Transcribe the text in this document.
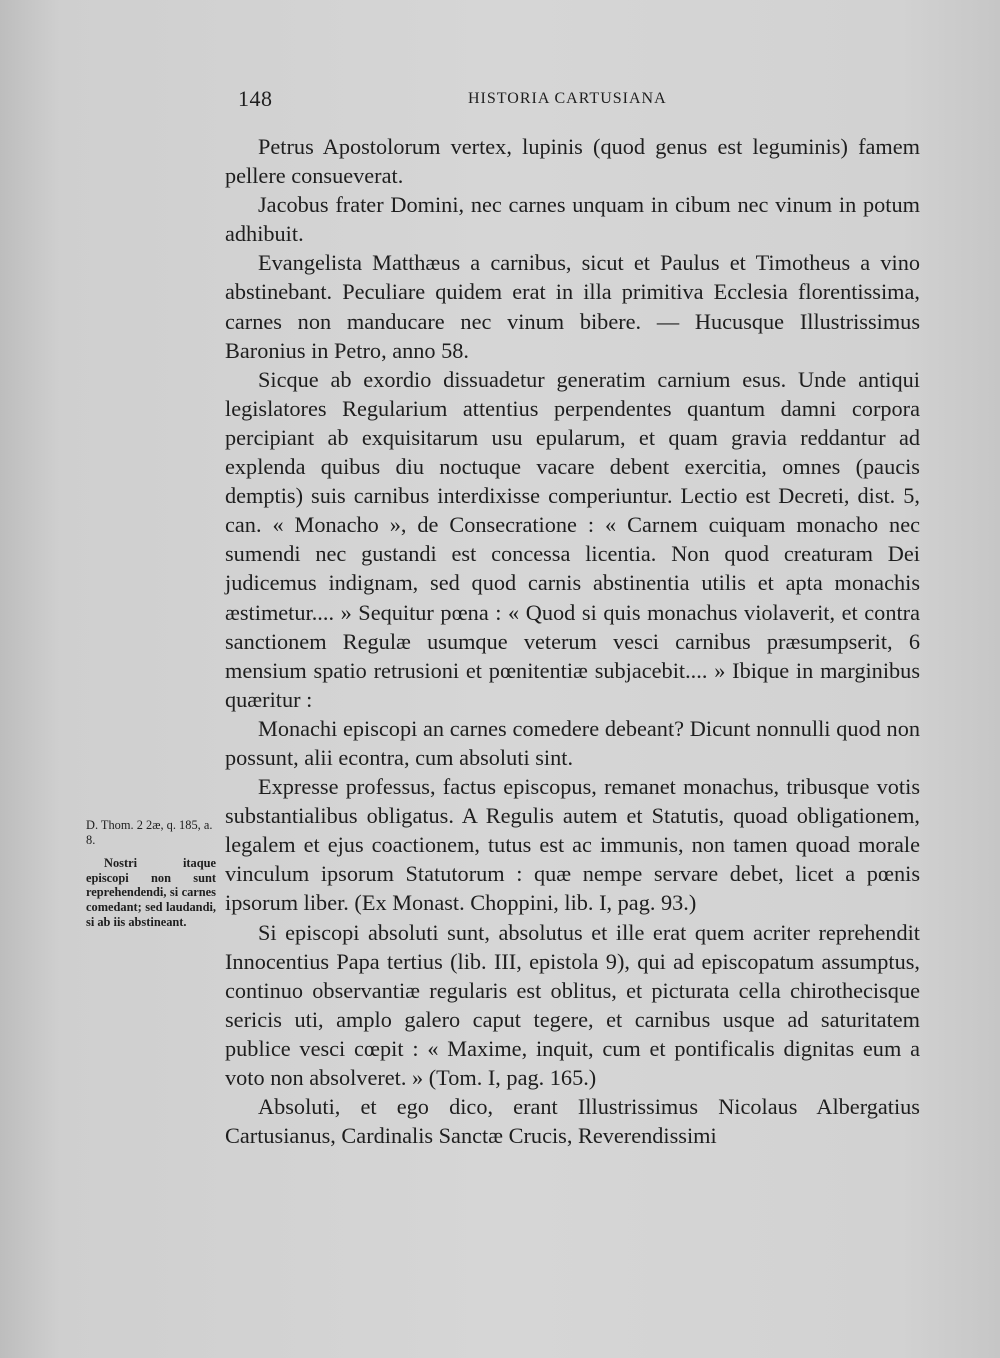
148	HISTORIA CARTUSIANA

Petrus Apostolorum vertex, lupinis (quod genus est leguminis) famem pellere consueverat.

Jacobus frater Domini, nec carnes unquam in cibum nec vinum in potum adhibuit.

Evangelista Matthæus a carnibus, sicut et Paulus et Timotheus a vino abstinebant. Peculiare quidem erat in illa primitiva Ecclesia florentissima, carnes non manducare nec vinum bibere. — Hucusque Illustrissimus Baronius in Petro, anno 58.

Sicque ab exordio dissuadetur generatim carnium esus. Unde antiqui legislatores Regularium attentius perpendentes quantum damni corpora percipiant ab exquisitarum usu epularum, et quam gravia reddantur ad explenda quibus diu noctuque vacare debent exercitia, omnes (paucis demptis) suis carnibus interdixisse comperiuntur. Lectio est Decreti, dist. 5, can. « Monacho », de Consecratione : « Carnem cuiquam monacho nec sumendi nec gustandi est concessa licentia. Non quod creaturam Dei judicemus indignam, sed quod carnis abstinentia utilis et apta monachis æstimetur.... » Sequitur pœna : « Quod si quis monachus violaverit, et contra sanctionem Regulæ usumque veterum vesci carnibus præsumpserit, 6 mensium spatio retrusioni et pœnitentiæ subjacebit.... » Ibique in marginibus quæritur :

Monachi episcopi an carnes comedere debeant? Dicunt nonnulli quod non possunt, alii econtra, cum absoluti sint.

Expresse professus, factus episcopus, remanet monachus, tribusque votis substantialibus obligatus. A Regulis autem et Statutis, quoad obligationem, legalem et ejus coactionem, tutus est ac immunis, non tamen quoad morale vinculum ipsorum Statutorum : quæ nempe servare debet, licet a pœnis ipsorum liber. (Ex Monast. Choppini, lib. I, pag. 93.)

Si episcopi absoluti sunt, absolutus et ille erat quem acriter reprehendit Innocentius Papa tertius (lib. III, epistola 9), qui ad episcopatum assumptus, continuo observantiæ regularis est oblitus, et picturata cella chirothecisque sericis uti, amplo galero caput tegere, et carnibus usque ad saturitatem publice vesci cœpit : « Maxime, inquit, cum et pontificalis dignitas eum a voto non absolveret. » (Tom. I, pag. 165.)

Absoluti, et ego dico, erant Illustrissimus Nicolaus Albergatius Cartusianus, Cardinalis Sanctæ Crucis, Reverendissimi

D. Thom. 2 2æ, q. 185, a. 8.

Nostri itaque episcopi non sunt reprehendendi, si carnes comedant; sed laudandi, si ab iis abstineant.
